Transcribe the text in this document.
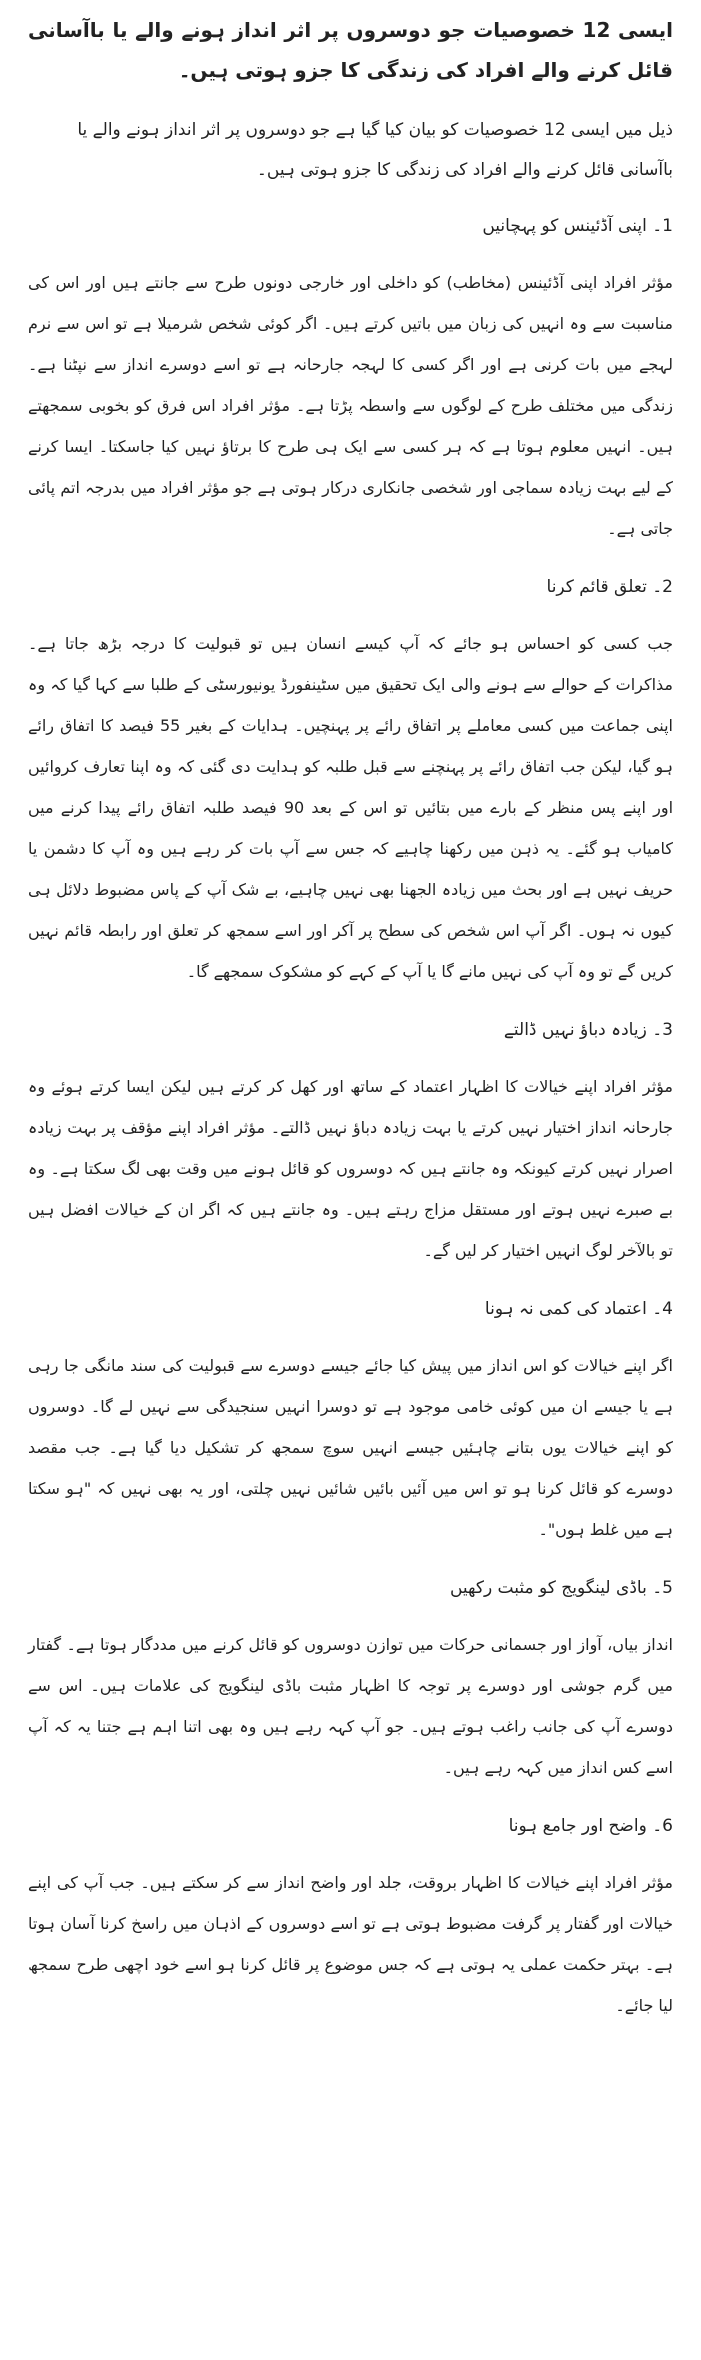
ایسی 12 خصوصیات جو دوسروں پر اثر انداز ہونے والے یا باآسانی قائل کرنے والے افراد کی زندگی کا جزو ہوتی ہیں۔

ذیل میں ایسی 12 خصوصیات کو بیان کیا گیا ہے جو دوسروں پر اثر انداز ہونے والے یا باآسانی قائل کرنے والے افراد کی زندگی کا جزو ہوتی ہیں۔

1۔ اپنی آڈئینس کو پہچانیں

مؤثر افراد اپنی آڈئینس (مخاطب) کو داخلی اور خارجی دونوں طرح سے جانتے ہیں اور اس کی مناسبت سے وہ انہیں کی زبان میں باتیں کرتے ہیں۔ اگر کوئی شخص شرمیلا ہے تو اس سے نرم لہجے میں بات کرنی ہے اور اگر کسی کا لہجہ جارحانہ ہے تو اسے دوسرے انداز سے نپٹنا ہے۔ زندگی میں مختلف طرح کے لوگوں سے واسطہ پڑتا ہے۔ مؤثر افراد اس فرق کو بخوبی سمجھتے ہیں۔ انہیں معلوم ہوتا ہے کہ ہر کسی سے ایک ہی طرح کا برتاؤ نہیں کیا جاسکتا۔ ایسا کرنے کے لیے بہت زیادہ سماجی اور شخصی جانکاری درکار ہوتی ہے جو مؤثر افراد میں بدرجہ اتم پائی جاتی ہے۔

2۔ تعلق قائم کرنا

جب کسی کو احساس ہو جائے کہ آپ کیسے انسان ہیں تو قبولیت کا درجہ بڑھ جاتا ہے۔ مذاکرات کے حوالے سے ہونے والی ایک تحقیق میں سٹینفورڈ یونیورسٹی کے طلبا سے کہا گیا کہ وہ اپنی جماعت میں کسی معاملے پر اتفاق رائے پر پہنچیں۔ ہدایات کے بغیر 55 فیصد کا اتفاق رائے ہو گیا، لیکن جب اتفاق رائے پر پہنچنے سے قبل طلبہ کو ہدایت دی گئی کہ وہ اپنا تعارف کروائیں اور اپنے پس منظر کے بارے میں بتائیں تو اس کے بعد 90 فیصد طلبہ اتفاق رائے پیدا کرنے میں کامیاب ہو گئے۔ یہ ذہن میں رکھنا چاہیے کہ جس سے آپ بات کر رہے ہیں وہ آپ کا دشمن یا حریف نہیں ہے اور بحث میں زیادہ الجھنا بھی نہیں چاہیے، بے شک آپ کے پاس مضبوط دلائل ہی کیوں نہ ہوں۔ اگر آپ اس شخص کی سطح پر آکر اور اسے سمجھ کر تعلق اور رابطہ قائم نہیں کریں گے تو وہ آپ کی نہیں مانے گا یا آپ کے کہے کو مشکوک سمجھے گا۔

3۔ زیادہ دباؤ نہیں ڈالتے

مؤثر افراد اپنے خیالات کا اظہار اعتماد کے ساتھ اور کھل کر کرتے ہیں لیکن ایسا کرتے ہوئے وہ جارحانہ انداز اختیار نہیں کرتے یا بہت زیادہ دباؤ نہیں ڈالتے۔ مؤثر افراد اپنے مؤقف پر بہت زیادہ اصرار نہیں کرتے کیونکہ وہ جانتے ہیں کہ دوسروں کو قائل ہونے میں وقت بھی لگ سکتا ہے۔ وہ بے صبرے نہیں ہوتے اور مستقل مزاج رہتے ہیں۔ وہ جانتے ہیں کہ اگر ان کے خیالات افضل ہیں تو بالآخر لوگ انہیں اختیار کر لیں گے۔

4۔ اعتماد کی کمی نہ ہونا

اگر اپنے خیالات کو اس انداز میں پیش کیا جائے جیسے دوسرے سے قبولیت کی سند مانگی جا رہی ہے یا جیسے ان میں کوئی خامی موجود ہے تو دوسرا انہیں سنجیدگی سے نہیں لے گا۔ دوسروں کو اپنے خیالات یوں بتانے چاہئیں جیسے انہیں سوچ سمجھ کر تشکیل دیا گیا ہے۔ جب مقصد دوسرے کو قائل کرنا ہو تو اس میں آئیں بائیں شائیں نہیں چلتی، اور یہ بھی نہیں کہ "ہو سکتا ہے میں غلط ہوں"۔

5۔ باڈی لینگویج کو مثبت رکھیں

انداز بیاں، آواز اور جسمانی حرکات میں توازن دوسروں کو قائل کرنے میں مددگار ہوتا ہے۔ گفتار میں گرم جوشی اور دوسرے پر توجہ کا اظہار مثبت باڈی لینگویج کی علامات ہیں۔ اس سے دوسرے آپ کی جانب راغب ہوتے ہیں۔ جو آپ کہہ رہے ہیں وہ بھی اتنا اہم ہے جتنا یہ کہ آپ اسے کس انداز میں کہہ رہے ہیں۔

6۔ واضح اور جامع ہونا

مؤثر افراد اپنے خیالات کا اظہار بروقت، جلد اور واضح انداز سے کر سکتے ہیں۔ جب آپ کی اپنے خیالات اور گفتار پر گرفت مضبوط ہوتی ہے تو اسے دوسروں کے اذہان میں راسخ کرنا آسان ہوتا ہے۔ بہتر حکمت عملی یہ ہوتی ہے کہ جس موضوع پر قائل کرنا ہو اسے خود اچھی طرح سمجھ لیا جائے۔
